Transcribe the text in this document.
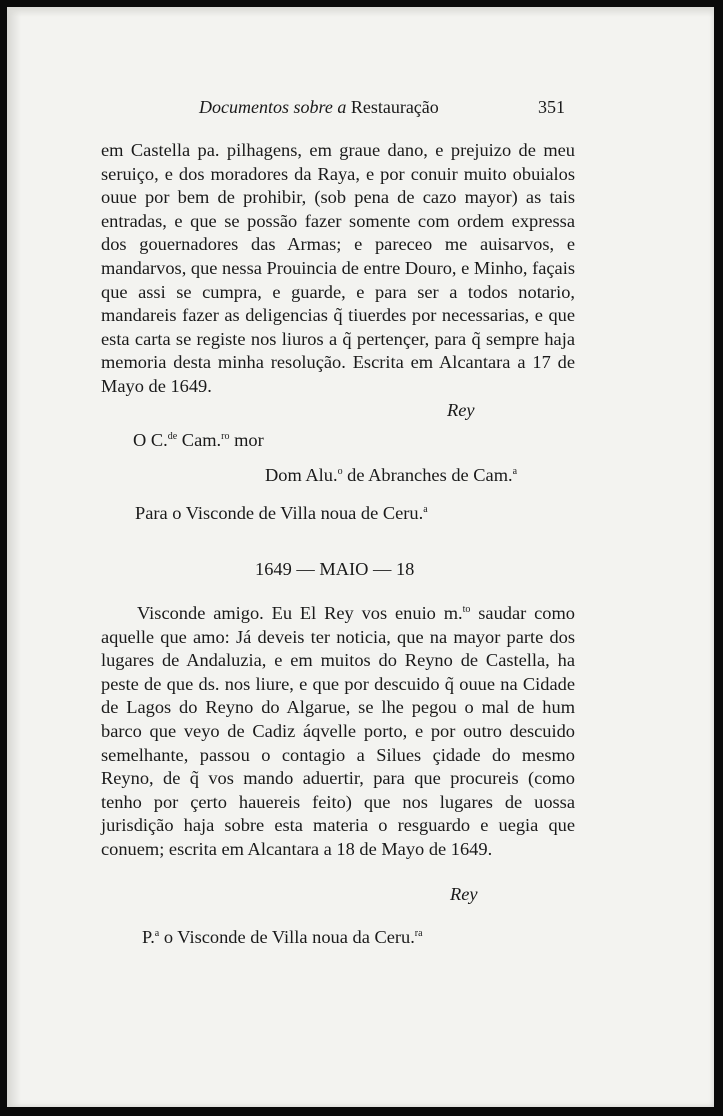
Documentos sobre a Restauração	351

em Castella pa. pilhagens, em graue dano, e prejuizo de meu seruiço, e dos moradores da Raya, e por conuir muito obuialos ouue por bem de prohibir, (sob pena de cazo mayor) as tais entradas, e que se possão fazer somente com ordem expressa dos gouernadores das Armas; e pareceo me auisarvos, e mandarvos, que nessa Prouincia de entre Douro, e Minho, façais que assi se cumpra, e guarde, e para ser a todos notario, mandareis fazer as deligencias q̃ tiuerdes por necessarias, e que esta carta se registe nos liuros a q̃ pertençer, para q̃ sempre haja memoria desta minha resolução. Escrita em Alcantara a 17 de Mayo de 1649.

Rey
O C.$^{de}$ Cam.$^{ro}$ mor
Dom Alu.$^o$ de Abranches de Cam.$^a$
Para o Visconde de Villa noua de Ceru.$^a$
1649 — MAIO — 18

Visconde amigo. Eu El Rey vos enuio m.$^{to}$ saudar como aquelle que amo: Já deveis ter noticia, que na mayor parte dos lugares de Andaluzia, e em muitos do Reyno de Castella, ha peste de que ds. nos liure, e que por descuido q̃ ouue na Cidade de Lagos do Reyno do Algarue, se lhe pegou o mal de hum barco que veyo de Cadiz áqvelle porto, e por outro descuido semelhante, passou o contagio a Silues çidade do mesmo Reyno, de q̃ vos mando aduertir, para que procureis (como tenho por çerto hauereis feito) que nos lugares de uossa jurisdição haja sobre esta materia o resguardo e uegia que conuem; escrita em Alcantara a 18 de Mayo de 1649.

Rey
P.$^a$ o Visconde de Villa noua da Ceru.$^{ra}$
